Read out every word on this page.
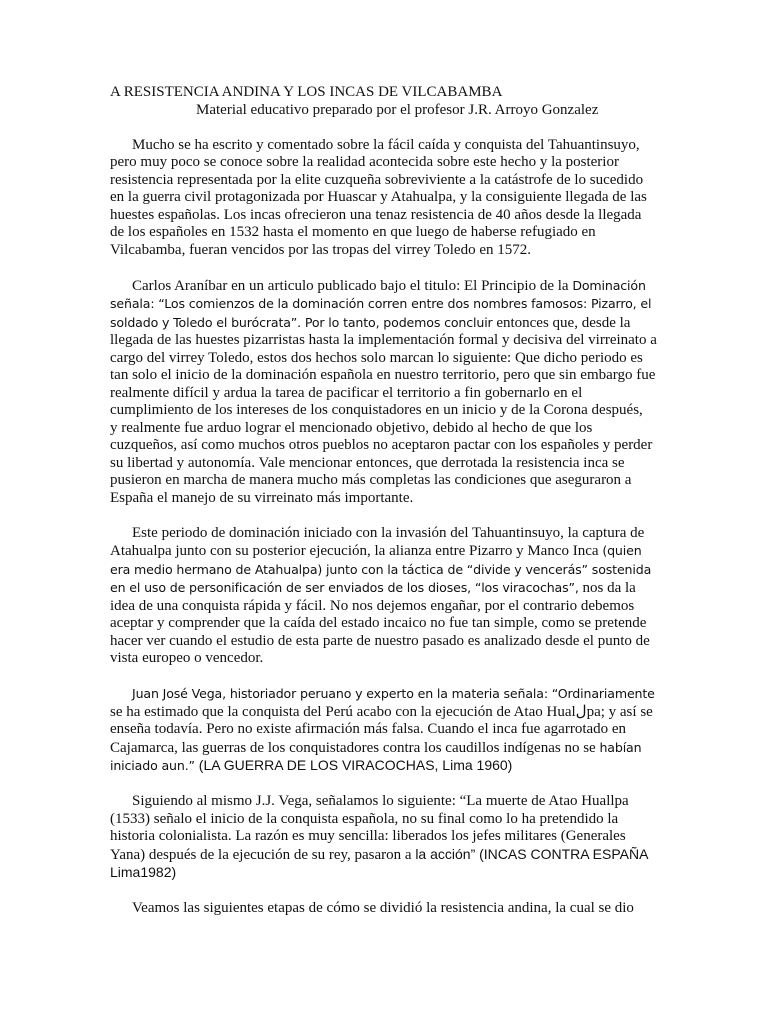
A RESISTENCIA ANDINA Y LOS INCAS DE VILCABAMBA
Material educativo preparado por el profesor J.R. Arroyo Gonzalez

Mucho se ha escrito y comentado sobre la fácil caída y conquista del Tahuantinsuyo, pero muy poco se conoce sobre la realidad acontecida sobre este hecho y la posterior resistencia representada por la elite cuzqueña sobreviviente a la catástrofe de lo sucedido en la guerra civil protagonizada por Huascar y Atahualpa, y la consiguiente llegada de las huestes españolas. Los incas ofrecieron una tenaz resistencia de 40 años desde la llegada de los españoles en 1532 hasta el momento en que luego de haberse refugiado en Vilcabamba, fueran vencidos por las tropas del virrey Toledo en 1572.

Carlos Araníbar en un articulo publicado bajo el titulo: El Principio de la Dominación señala: “Los comienzos de la dominación corren entre dos nombres famosos: Pizarro, el soldado y Toledo el burócrata”. Por lo tanto, podemos concluir entonces que, desde la llegada de las huestes pizarristas hasta la implementación formal y decisiva del virreinato a cargo del virrey Toledo, estos dos hechos solo marcan lo siguiente: Que dicho periodo es tan solo el inicio de la dominación española en nuestro territorio, pero que sin embargo fue realmente difícil y ardua la tarea de pacificar el territorio a fin gobernarlo en el cumplimiento de los intereses de los conquistadores en un inicio y de la Corona después,

y realmente fue arduo lograr el mencionado objetivo, debido al hecho de que los cuzqueños, así como muchos otros pueblos no aceptaron pactar con los españoles y perder su libertad y autonomía. Vale mencionar entonces, que derrotada la resistencia inca se pusieron en marcha de manera mucho más completas las condiciones que aseguraron a España el manejo de su virreinato más importante.

Este periodo de dominación iniciado con la invasión del Tahuantinsuyo, la captura de Atahualpa junto con su posterior ejecución, la alianza entre Pizarro y Manco Inca (quien era medio hermano de Atahualpa) junto con la táctica de “divide y vencerás” sostenida en el uso de personificación de ser enviados de los dioses, “los viracochas”, nos da la idea de una conquista rápida y fácil. No nos dejemos engañar, por el contrario debemos aceptar y comprender que la caída del estado incaico no fue tan simple, como se pretende hacer ver cuando el estudio de esta parte de nuestro pasado es analizado desde el punto de vista europeo o vencedor.

Juan José Vega, historiador peruano y experto en la materia señala: “Ordinariamente se ha estimado que la conquista del Perú acabo con la ejecución de Atao Hualلpa; y así se enseña todavía. Pero no existe afirmación más falsa. Cuando el inca fue agarrotado en Cajamarca, las guerras de los conquistadores contra los caudillos indígenas no se habían iniciado aun.” (LA GUERRA DE LOS VIRACOCHAS, Lima 1960)

Siguiendo al mismo J.J. Vega, señalamos lo siguiente: “La muerte de Atao Huallpa (1533) señalo el inicio de la conquista española, no su final como lo ha pretendido la historia colonialista. La razón es muy sencilla: liberados los jefes militares (Generales Yana) después de la ejecución de su rey, pasaron a la acción” (INCAS CONTRA ESPAÑA Lima1982)

Veamos las siguientes etapas de cómo se dividió la resistencia andina, la cual se dio
